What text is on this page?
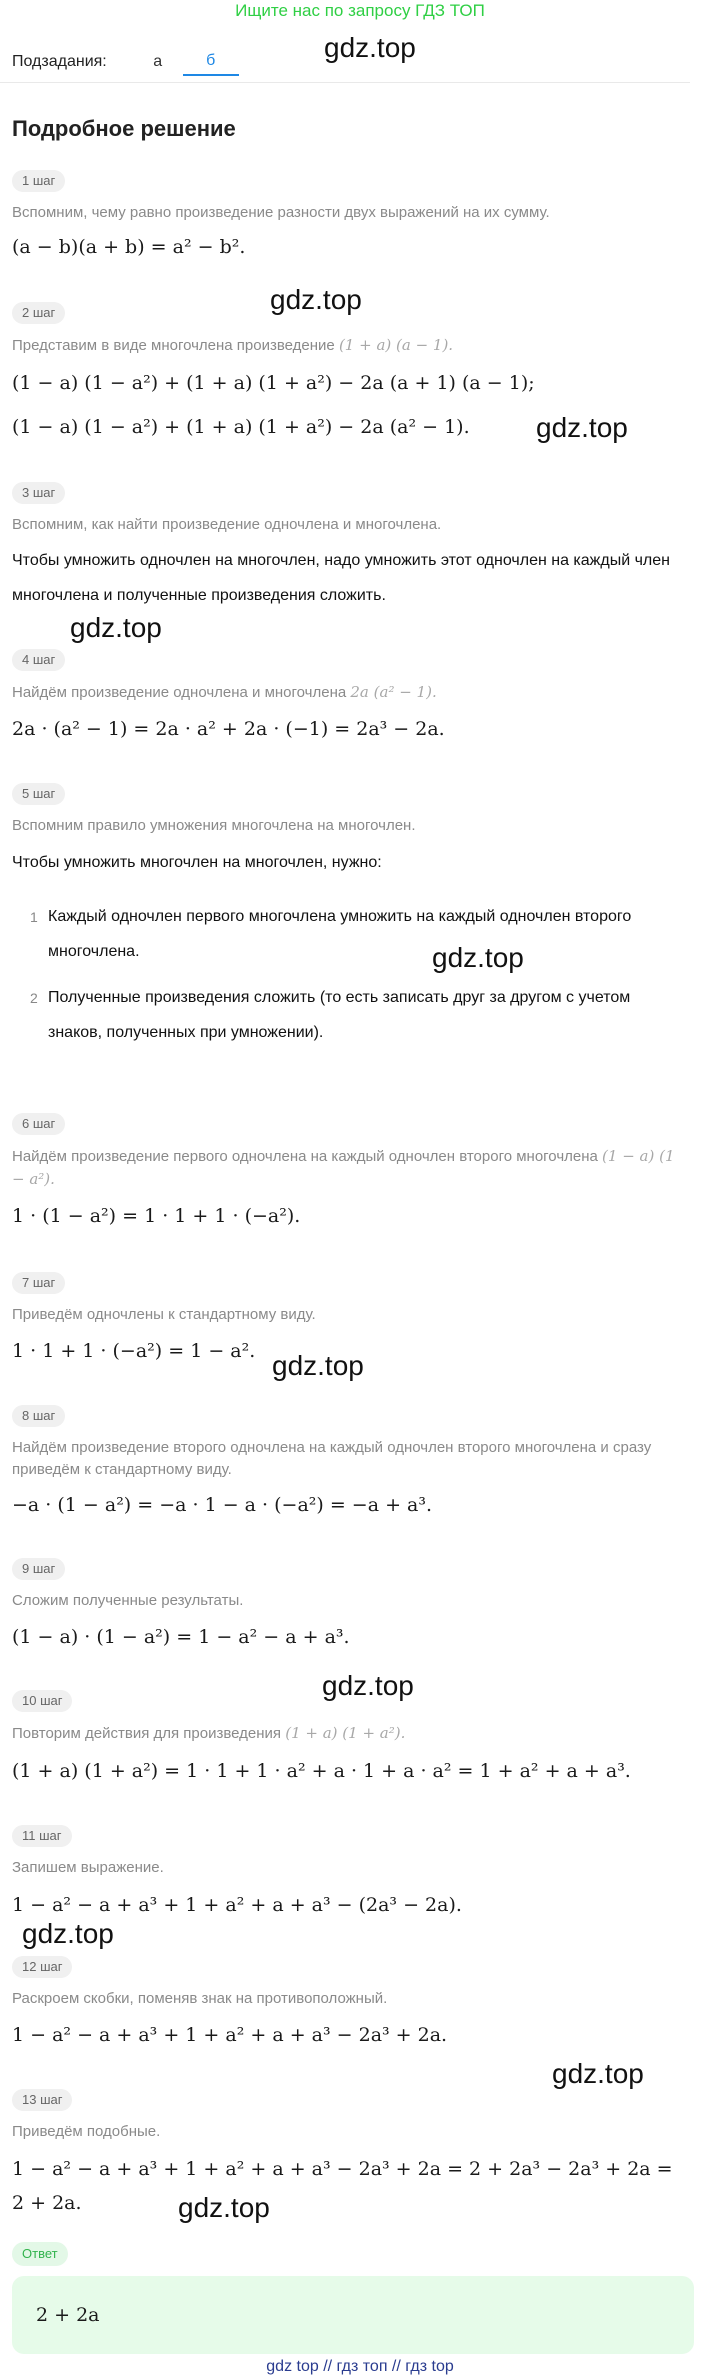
Ищите нас по запросу ГДЗ ТОП
Подзадания:	а	б
Подробное решение
1 шаг
Вспомним, чему равно произведение разности двух выражений на их сумму.
(a − b)(a + b) = a² − b².
2 шаг
Представим в виде многочлена произведение (1 + a) (a − 1).
(1 − a) (1 − a²) + (1 + a) (1 + a²) − 2a (a + 1) (a − 1);
(1 − a) (1 − a²) + (1 + a) (1 + a²) − 2a (a² − 1).
3 шаг
Вспомним, как найти произведение одночлена и многочлена.
Чтобы умножить одночлен на многочлен, надо умножить этот одночлен на каждый член многочлена и полученные произведения сложить.
4 шаг
Найдём произведение одночлена и многочлена 2a (a² − 1).
2a · (a² − 1) = 2a · a² + 2a · (−1) = 2a³ − 2a.
5 шаг
Вспомним правило умножения многочлена на многочлен.
Чтобы умножить многочлен на многочлен, нужно:
1 Каждый одночлен первого многочлена умножить на каждый одночлен второго многочлена.
2 Полученные произведения сложить (то есть записать друг за другом с учетом знаков, полученных при умножении).
6 шаг
Найдём произведение первого одночлена на каждый одночлен второго многочлена (1 − a) (1 − a²).
1 · (1 − a²) = 1 · 1 + 1 · (−a²).
7 шаг
Приведём одночлены к стандартному виду.
1 · 1 + 1 · (−a²) = 1 − a².
8 шаг
Найдём произведение второго одночлена на каждый одночлен второго многочлена и сразу приведём к стандартному виду.
−a · (1 − a²) = −a · 1 − a · (−a²) = −a + a³.
9 шаг
Сложим полученные результаты.
(1 − a) · (1 − a²) = 1 − a² − a + a³.
10 шаг
Повторим действия для произведения (1 + a) (1 + a²).
(1 + a) (1 + a²) = 1 · 1 + 1 · a² + a · 1 + a · a² = 1 + a² + a + a³.
11 шаг
Запишем выражение.
1 − a² − a + a³ + 1 + a² + a + a³ − (2a³ − 2a).
12 шаг
Раскроем скобки, поменяв знак на противоположный.
1 − a² − a + a³ + 1 + a² + a + a³ − 2a³ + 2a.
13 шаг
Приведём подобные.
1 − a² − a + a³ + 1 + a² + a + a³ − 2a³ + 2a = 2 + 2a³ − 2a³ + 2a =
2 + 2a.
Ответ
2 + 2a
gdz.top
gdz.top
gdz.top
gdz.top
gdz.top
gdz.top
gdz.top
gdz.top
gdz.top
gdz.top
gdz top // гдз топ // гдз top
